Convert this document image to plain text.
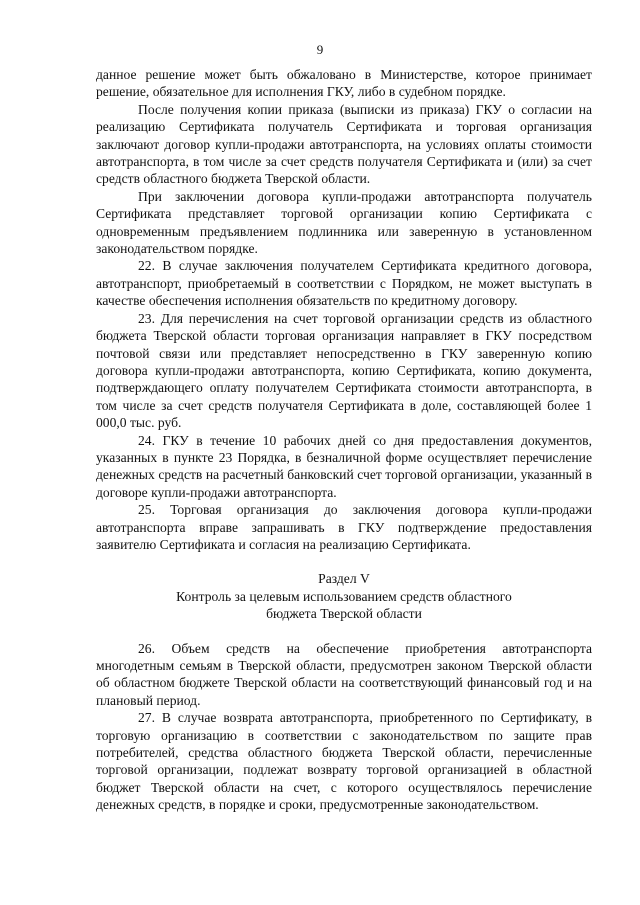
9

данное решение может быть обжаловано в Министерстве, которое принимает решение, обязательное для исполнения ГКУ, либо в судебном порядке.

После получения копии приказа (выписки из приказа) ГКУ о согласии на реализацию Сертификата получатель Сертификата и торговая организация заключают договор купли-продажи автотранспорта, на условиях оплаты стоимости автотранспорта, в том числе за счет средств получателя Сертификата и (или) за счет средств областного бюджета Тверской области.

При заключении договора купли-продажи автотранспорта получатель Сертификата представляет торговой организации копию Сертификата с одновременным предъявлением подлинника или заверенную в установленном законодательством порядке.

22. В случае заключения получателем Сертификата кредитного договора, автотранспорт, приобретаемый в соответствии с Порядком, не может выступать в качестве обеспечения исполнения обязательств по кредитному договору.

23. Для перечисления на счет торговой организации средств из областного бюджета Тверской области торговая организация направляет в ГКУ посредством почтовой связи или представляет непосредственно в ГКУ заверенную копию договора купли-продажи автотранспорта, копию Сертификата, копию документа, подтверждающего оплату получателем Сертификата стоимости автотранспорта, в том числе за счет средств получателя Сертификата в доле, составляющей более 1 000,0 тыс. руб.

24. ГКУ в течение 10 рабочих дней со дня предоставления документов, указанных в пункте 23 Порядка, в безналичной форме осуществляет перечисление денежных средств на расчетный банковский счет торговой организации, указанный в договоре купли-продажи автотранспорта.

25. Торговая организация до заключения договора купли-продажи автотранспорта вправе запрашивать в ГКУ подтверждение предоставления заявителю Сертификата и согласия на реализацию Сертификата.

Раздел V

Контроль за целевым использованием средств областного

бюджета Тверской области

26. Объем средств на обеспечение приобретения автотранспорта многодетным семьям в Тверской области, предусмотрен законом Тверской области об областном бюджете Тверской области на соответствующий финансовый год и на плановый период.

27. В случае возврата автотранспорта, приобретенного по Сертификату, в торговую организацию в соответствии с законодательством по защите прав потребителей, средства областного бюджета Тверской области, перечисленные торговой организации, подлежат возврату торговой организацией в областной бюджет Тверской области на счет, с которого осуществлялось перечисление денежных средств, в порядке и сроки, предусмотренные законодательством.
